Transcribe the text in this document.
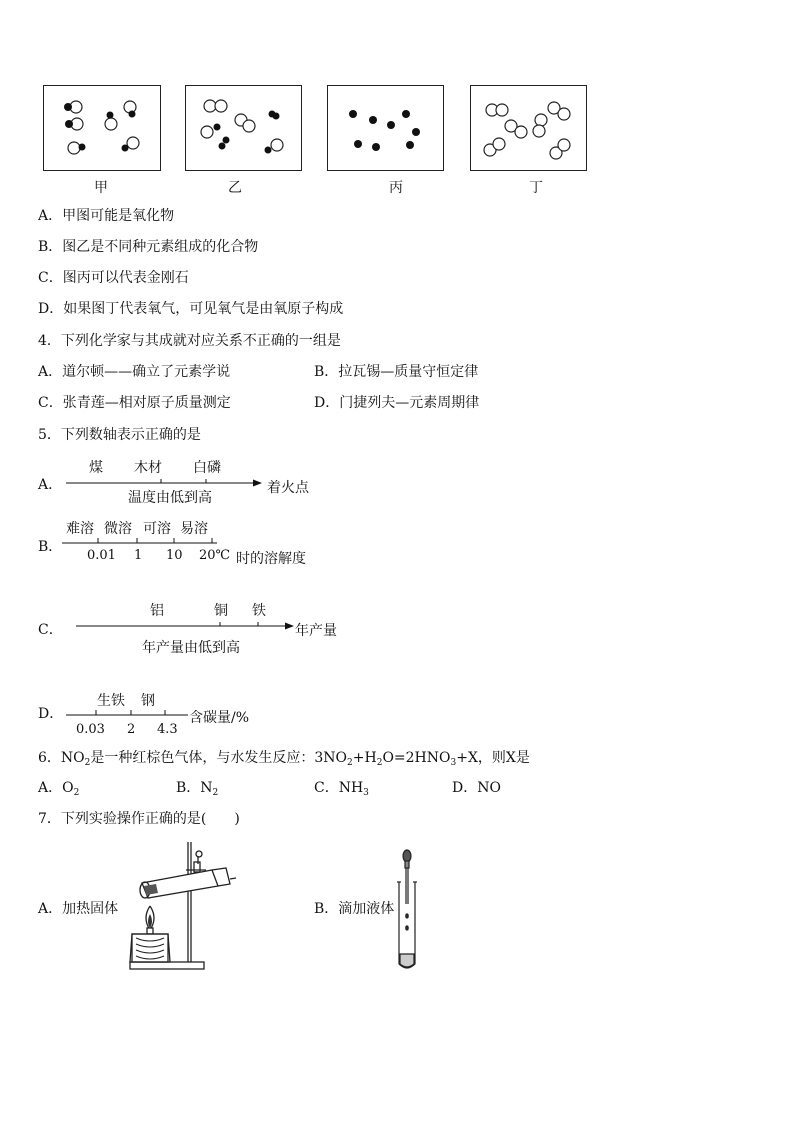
甲	乙	丙	丁
A．甲图可能是氧化物
B．图乙是不同种元素组成的化合物
C．图丙可以代表金刚石
D．如果图丁代表氧气，可见氧气是由氧原子构成
4．下列化学家与其成就对应关系不正确的一组是
A．道尔顿——确立了元素学说	B．拉瓦锡—质量守恒定律
C．张青莲—相对原子质量测定	D．门捷列夫—元素周期律
5．下列数轴表示正确的是
A．
煤 木材 白磷
着火点
温度由低到高
B．
难溶 微溶 可溶 易溶
0.01 1 10 20℃ 时的溶解度
C．
铝	铜 铁
年产量
年产量由低到高
D．
生铁 钢
0.03 2 4.3
含碳量/%
6．$NO_2$是一种红棕色气体，与水发生反应：$3NO_2+H_2O=2HNO_3+X$，则X是
A．$O_2$	B．$N_2$	C．$NH_3$	D．NO
7．下列实验操作正确的是(　　)
A．加热固体	B．滴加液体
